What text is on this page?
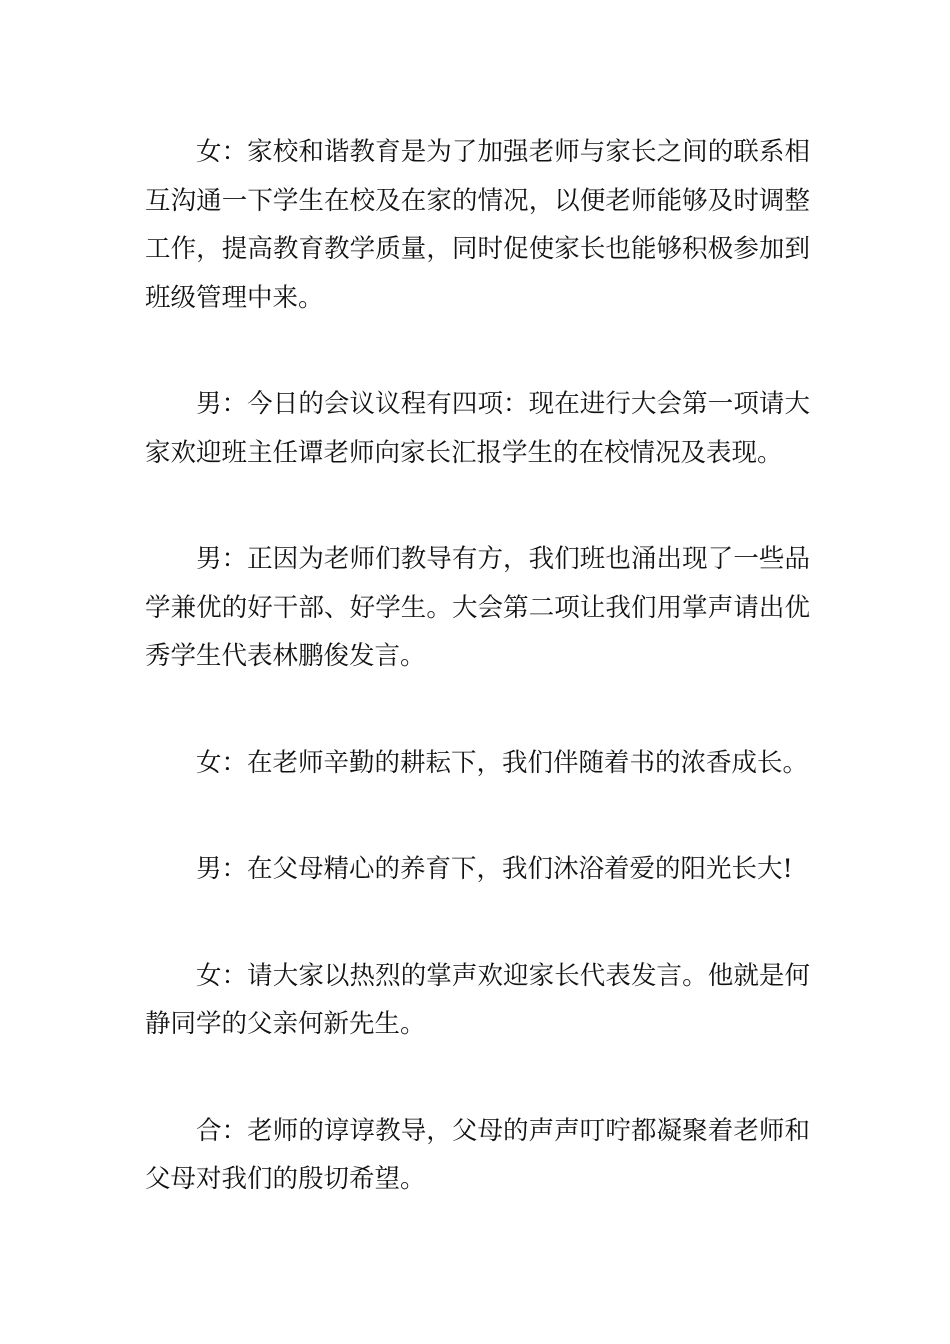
女：家校和谐教育是为了加强老师与家长之间的联系相互沟通一下学生在校及在家的情况，以便老师能够及时调整工作，提高教育教学质量，同时促使家长也能够积极参加到班级管理中来。

男：今日的会议议程有四项：现在进行大会第一项请大家欢迎班主任谭老师向家长汇报学生的在校情况及表现。

男：正因为老师们教导有方，我们班也涌出现了一些品学兼优的好干部、好学生。大会第二项让我们用掌声请出优秀学生代表林鹏俊发言。

女：在老师辛勤的耕耘下，我们伴随着书的浓香成长。

男：在父母精心的养育下，我们沐浴着爱的阳光长大!

女：请大家以热烈的掌声欢迎家长代表发言。他就是何静同学的父亲何新先生。

合：老师的谆谆教导，父母的声声叮咛都凝聚着老师和父母对我们的殷切希望。
